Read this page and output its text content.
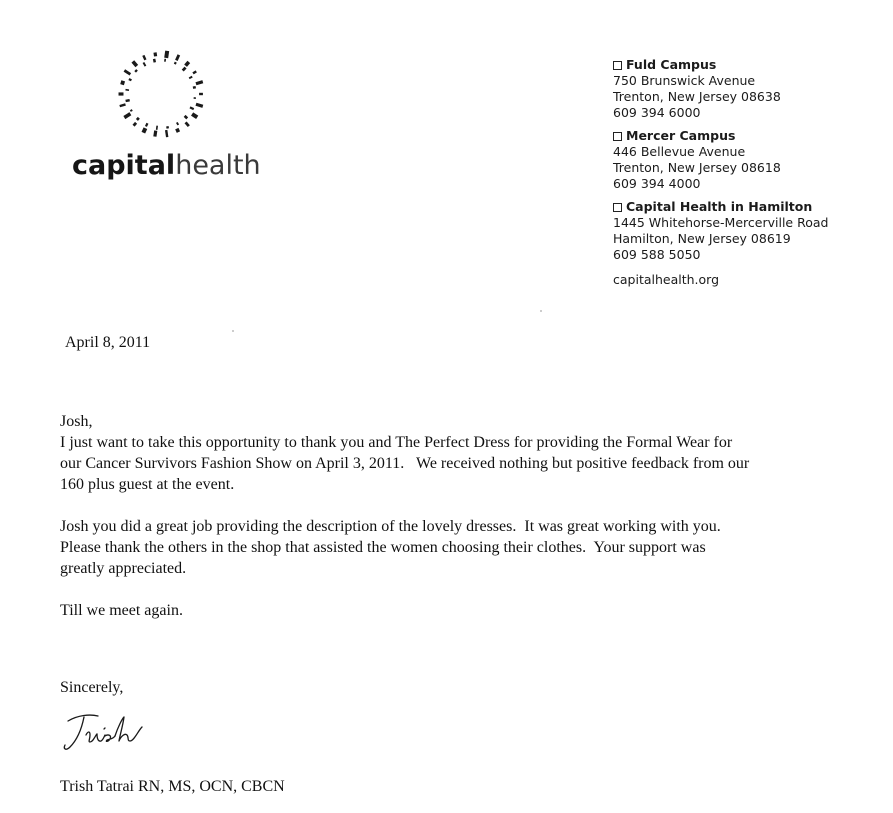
capitalhealth
Fuld Campus
750 Brunswick Avenue
Trenton, New Jersey 08638
609 394 6000
Mercer Campus
446 Bellevue Avenue
Trenton, New Jersey 08618
609 394 4000
Capital Health in Hamilton
1445 Whitehorse-Mercerville Road
Hamilton, New Jersey 08619
609 588 5050
capitalhealth.org
April 8, 2011

Josh,

I just want to take this opportunity to thank you and The Perfect Dress for providing the Formal Wear for

our Cancer Survivors Fashion Show on April 3, 2011.   We received nothing but positive feedback from our

160 plus guest at the event.

Josh you did a great job providing the description of the lovely dresses.  It was great working with you.

Please thank the others in the shop that assisted the women choosing their clothes.  Your support was

greatly appreciated.

Till we meet again.

Sincerely,
Trish Tatrai RN, MS, OCN, CBCN
